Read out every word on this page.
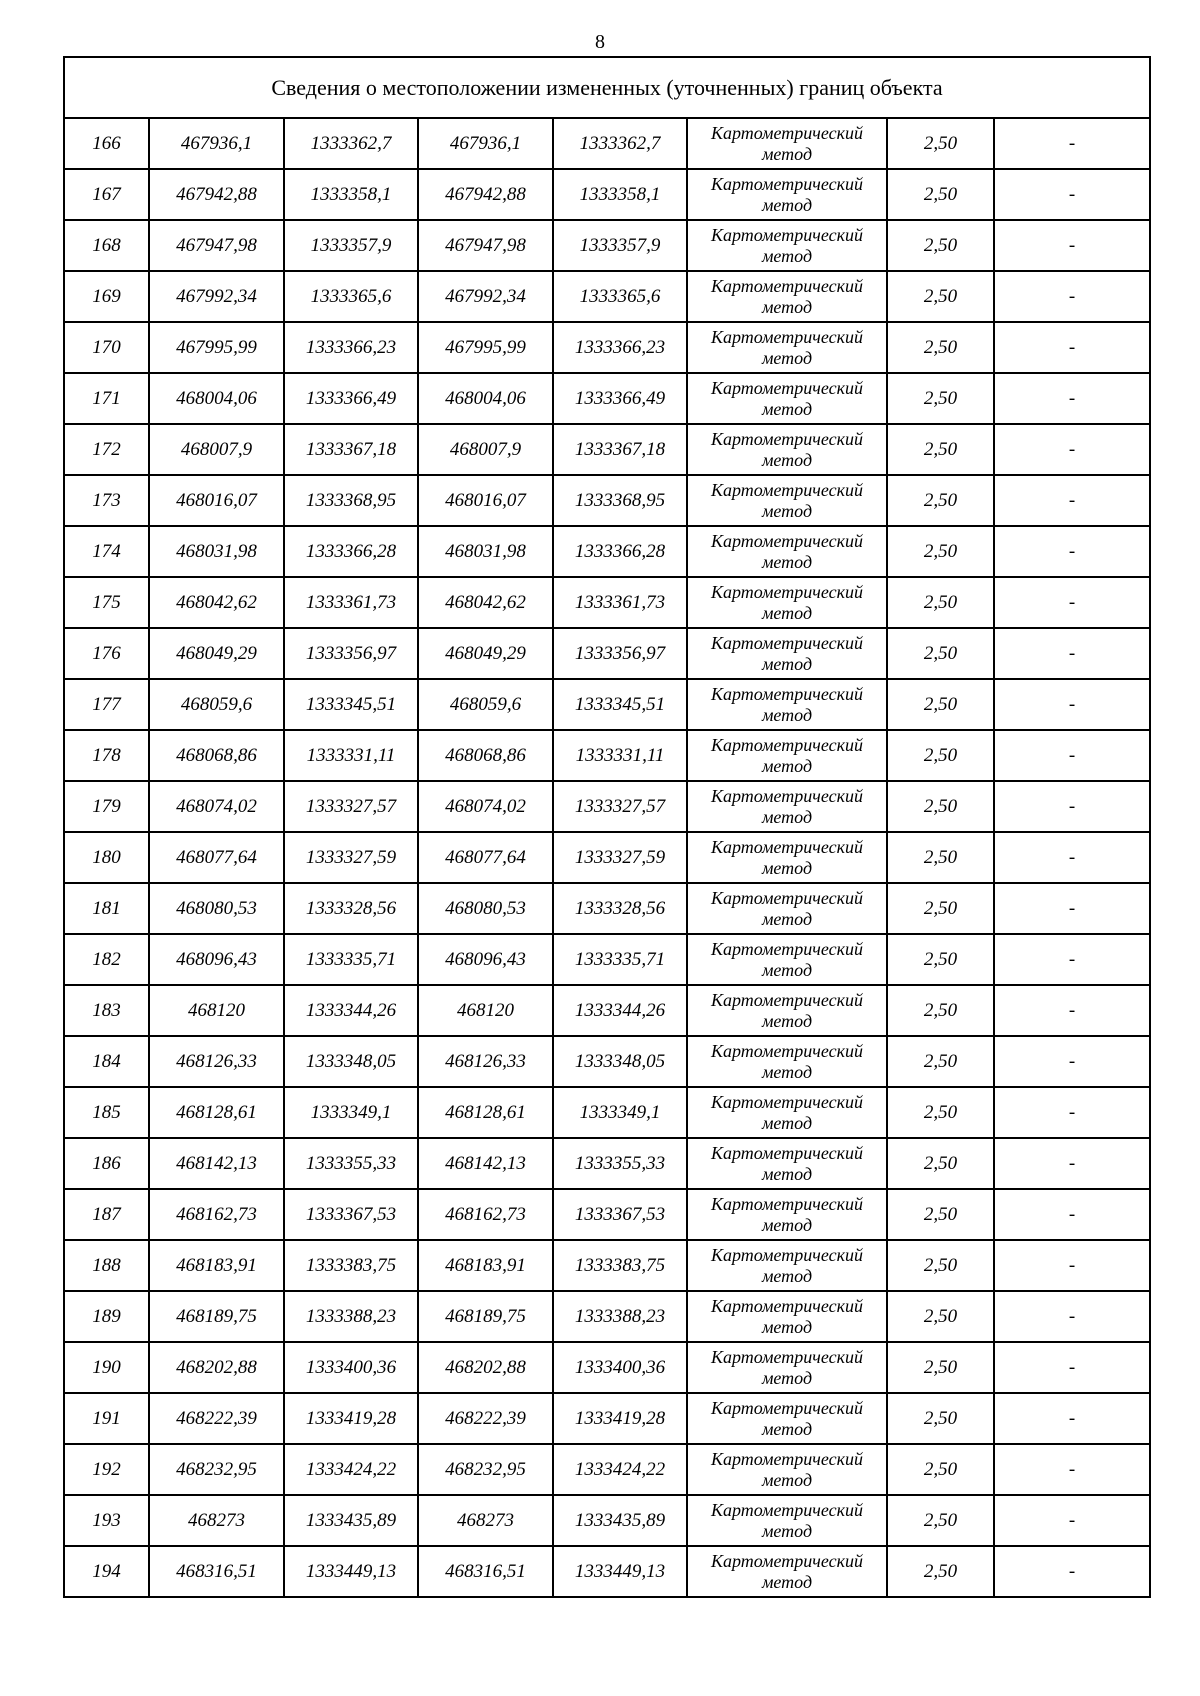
8
Сведения о местоположении измененных (уточненных) границ объекта							
166	467936,1	1333362,7	467936,1	1333362,7	Картометрический метод	2,50	-
167	467942,88	1333358,1	467942,88	1333358,1	Картометрический метод	2,50	-
168	467947,98	1333357,9	467947,98	1333357,9	Картометрический метод	2,50	-
169	467992,34	1333365,6	467992,34	1333365,6	Картометрический метод	2,50	-
170	467995,99	1333366,23	467995,99	1333366,23	Картометрический метод	2,50	-
171	468004,06	1333366,49	468004,06	1333366,49	Картометрический метод	2,50	-
172	468007,9	1333367,18	468007,9	1333367,18	Картометрический метод	2,50	-
173	468016,07	1333368,95	468016,07	1333368,95	Картометрический метод	2,50	-
174	468031,98	1333366,28	468031,98	1333366,28	Картометрический метод	2,50	-
175	468042,62	1333361,73	468042,62	1333361,73	Картометрический метод	2,50	-
176	468049,29	1333356,97	468049,29	1333356,97	Картометрический метод	2,50	-
177	468059,6	1333345,51	468059,6	1333345,51	Картометрический метод	2,50	-
178	468068,86	1333331,11	468068,86	1333331,11	Картометрический метод	2,50	-
179	468074,02	1333327,57	468074,02	1333327,57	Картометрический метод	2,50	-
180	468077,64	1333327,59	468077,64	1333327,59	Картометрический метод	2,50	-
181	468080,53	1333328,56	468080,53	1333328,56	Картометрический метод	2,50	-
182	468096,43	1333335,71	468096,43	1333335,71	Картометрический метод	2,50	-
183	468120	1333344,26	468120	1333344,26	Картометрический метод	2,50	-
184	468126,33	1333348,05	468126,33	1333348,05	Картометрический метод	2,50	-
185	468128,61	1333349,1	468128,61	1333349,1	Картометрический метод	2,50	-
186	468142,13	1333355,33	468142,13	1333355,33	Картометрический метод	2,50	-
187	468162,73	1333367,53	468162,73	1333367,53	Картометрический метод	2,50	-
188	468183,91	1333383,75	468183,91	1333383,75	Картометрический метод	2,50	-
189	468189,75	1333388,23	468189,75	1333388,23	Картометрический метод	2,50	-
190	468202,88	1333400,36	468202,88	1333400,36	Картометрический метод	2,50	-
191	468222,39	1333419,28	468222,39	1333419,28	Картометрический метод	2,50	-
192	468232,95	1333424,22	468232,95	1333424,22	Картометрический метод	2,50	-
193	468273	1333435,89	468273	1333435,89	Картометрический метод	2,50	-
194	468316,51	1333449,13	468316,51	1333449,13	Картометрический метод	2,50	-
